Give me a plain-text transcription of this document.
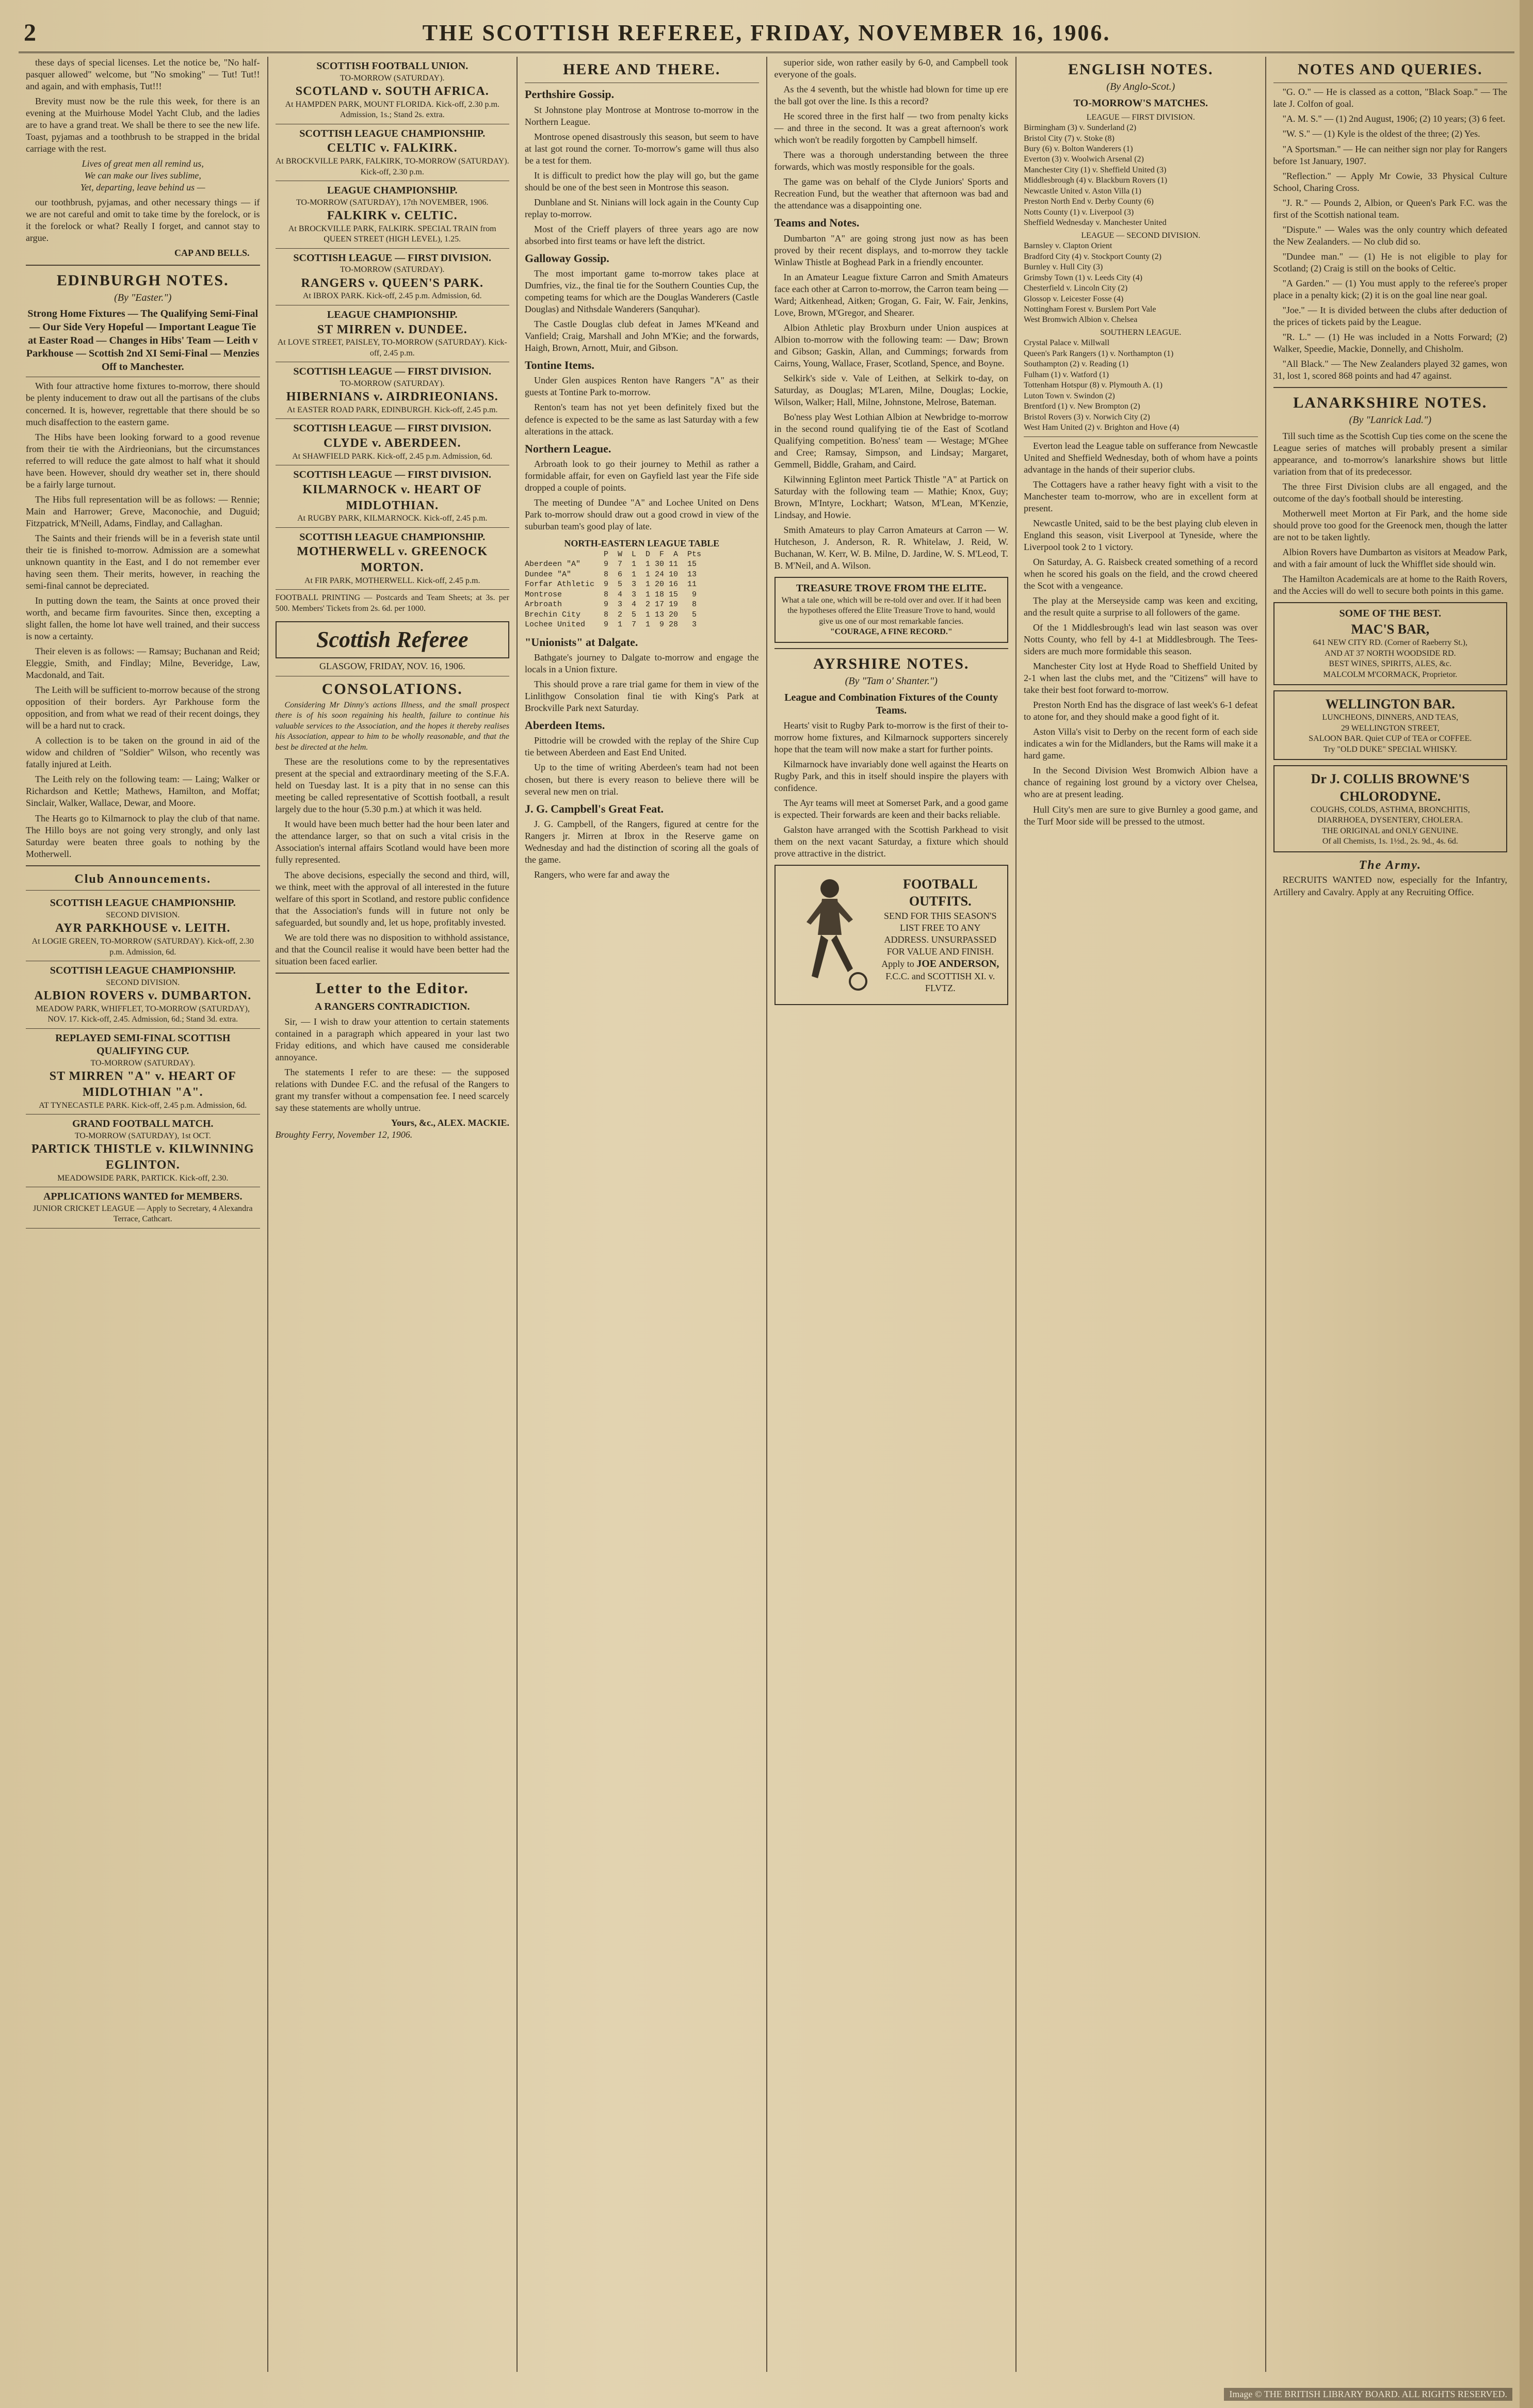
2	THE SCOTTISH REFEREE, FRIDAY, NOVEMBER 16, 1906.

these days of special licenses. Let the notice be, "No half-pasquer allowed" welcome, but "No smoking" — Tut! Tut!! and again, and with emphasis, Tut!!!

Brevity must now be the rule this week, for there is an evening at the Muirhouse Model Yacht Club, and the ladies are to have a grand treat. We shall be there to see the new life. Toast, pyjamas and a toothbrush to be strapped in the bridal carriage with the rest.

Lives of great men all remind us,
We can make our lives sublime,
Yet, departing, leave behind us —

our toothbrush, pyjamas, and other necessary things — if we are not careful and omit to take time by the forelock, or is it the forelock or what? Really I forget, and cannot stay to argue.

CAP AND BELLS.
EDINBURGH NOTES.
(By "Easter.")
Strong Home Fixtures — The Qualifying Semi-Final — Our Side Very Hopeful — Important League Tie at Easter Road — Changes in Hibs' Team — Leith v Parkhouse — Scottish 2nd XI Semi-Final — Menzies Off to Manchester.

With four attractive home fixtures to-morrow, there should be plenty inducement to draw out all the partisans of the clubs concerned. It is, however, regrettable that there should be so much disaffection to the eastern game.

The Hibs have been looking forward to a good revenue from their tie with the Airdrieonians, but the circumstances referred to will reduce the gate almost to half what it should have been. However, should dry weather set in, there should be a fairly large turnout.

The Hibs full representation will be as follows: — Rennie; Main and Harrower; Greve, Maconochie, and Duguid; Fitzpatrick, M'Neill, Adams, Findlay, and Callaghan.

The Saints and their friends will be in a feverish state until their tie is finished to-morrow. Admission are a somewhat unknown quantity in the East, and I do not remember ever having seen them. Their merits, however, in reaching the semi-final cannot be depreciated.

In putting down the team, the Saints at once proved their worth, and became firm favourites. Since then, excepting a slight fallen, the home lot have well trained, and their success is now a certainty.

Their eleven is as follows: — Ramsay; Buchanan and Reid; Eleggie, Smith, and Findlay; Milne, Beveridge, Law, Macdonald, and Tait.

The Leith will be sufficient to-morrow because of the strong opposition of their borders. Ayr Parkhouse form the opposition, and from what we read of their recent doings, they will be a hard nut to crack.

A collection is to be taken on the ground in aid of the widow and children of "Soldier" Wilson, who recently was fatally injured at Leith.

The Leith rely on the following team: — Laing; Walker or Richardson and Kettle; Mathews, Hamilton, and Moffat; Sinclair, Walker, Wallace, Dewar, and Moore.

The Hearts go to Kilmarnock to play the club of that name. The Hillo boys are not going very strongly, and only last Saturday were beaten three goals to nothing by the Motherwell.

Club Announcements.
SCOTTISH LEAGUE CHAMPIONSHIP.
SECOND DIVISION.
AYR PARKHOUSE v. LEITH.
At LOGIE GREEN, TO-MORROW (SATURDAY). Kick-off, 2.30 p.m. Admission, 6d.
SCOTTISH LEAGUE CHAMPIONSHIP.
SECOND DIVISION.
ALBION ROVERS v. DUMBARTON.
MEADOW PARK, WHIFFLET, TO-MORROW (SATURDAY), NOV. 17. Kick-off, 2.45. Admission, 6d.; Stand 3d. extra.
REPLAYED SEMI-FINAL SCOTTISH QUALIFYING CUP.
TO-MORROW (SATURDAY).
ST MIRREN "A" v. HEART OF MIDLOTHIAN "A".
AT TYNECASTLE PARK. Kick-off, 2.45 p.m. Admission, 6d.
GRAND FOOTBALL MATCH.
TO-MORROW (SATURDAY), 1st OCT.
PARTICK THISTLE v. KILWINNING EGLINTON.
MEADOWSIDE PARK, PARTICK. Kick-off, 2.30.
APPLICATIONS WANTED for MEMBERS.
JUNIOR CRICKET LEAGUE — Apply to Secretary, 4 Alexandra Terrace, Cathcart.
SCOTTISH FOOTBALL UNION.
TO-MORROW (SATURDAY).
SCOTLAND v. SOUTH AFRICA.
At HAMPDEN PARK, MOUNT FLORIDA. Kick-off, 2.30 p.m. Admission, 1s.; Stand 2s. extra.
SCOTTISH LEAGUE CHAMPIONSHIP.
CELTIC v. FALKIRK.
At BROCKVILLE PARK, FALKIRK, TO-MORROW (SATURDAY). Kick-off, 2.30 p.m.
LEAGUE CHAMPIONSHIP.
TO-MORROW (SATURDAY), 17th NOVEMBER, 1906.
FALKIRK v. CELTIC.
At BROCKVILLE PARK, FALKIRK. SPECIAL TRAIN from QUEEN STREET (HIGH LEVEL), 1.25.
SCOTTISH LEAGUE — FIRST DIVISION.
TO-MORROW (SATURDAY).
RANGERS v. QUEEN'S PARK.
At IBROX PARK. Kick-off, 2.45 p.m. Admission, 6d.
LEAGUE CHAMPIONSHIP.
ST MIRREN v. DUNDEE.
At LOVE STREET, PAISLEY, TO-MORROW (SATURDAY). Kick-off, 2.45 p.m.
SCOTTISH LEAGUE — FIRST DIVISION.
TO-MORROW (SATURDAY).
HIBERNIANS v. AIRDRIEONIANS.
At EASTER ROAD PARK, EDINBURGH. Kick-off, 2.45 p.m.
SCOTTISH LEAGUE — FIRST DIVISION.
CLYDE v. ABERDEEN.
At SHAWFIELD PARK. Kick-off, 2.45 p.m. Admission, 6d.
SCOTTISH LEAGUE — FIRST DIVISION.
KILMARNOCK v. HEART OF MIDLOTHIAN.
At RUGBY PARK, KILMARNOCK. Kick-off, 2.45 p.m.
SCOTTISH LEAGUE CHAMPIONSHIP.
MOTHERWELL v. GREENOCK MORTON.
At FIR PARK, MOTHERWELL. Kick-off, 2.45 p.m.

FOOTBALL PRINTING — Postcards and Team Sheets; at 3s. per 500. Members' Tickets from 2s. 6d. per 1000.

Scottish Referee
GLASGOW, FRIDAY, NOV. 16, 1906.
CONSOLATIONS.

Considering Mr Dinny's actions Illness, and the small prospect there is of his soon regaining his health, failure to continue his valuable services to the Association, and the hopes it thereby realises his Association, appear to him to be wholly reasonable, and that the best be directed at the helm.

These are the resolutions come to by the representatives present at the special and extraordinary meeting of the S.F.A. held on Tuesday last. It is a pity that in no sense can this meeting be called representative of Scottish football, a result largely due to the hour (5.30 p.m.) at which it was held.

It would have been much better had the hour been later and the attendance larger, so that on such a vital crisis in the Association's internal affairs Scotland would have been more fully represented.

The above decisions, especially the second and third, will, we think, meet with the approval of all interested in the future welfare of this sport in Scotland, and restore public confidence that the Association's funds will in future not only be safeguarded, but soundly and, let us hope, profitably invested.

We are told there was no disposition to withhold assistance, and that the Council realise it would have been better had the situation been faced earlier.

Letter to the Editor.
A RANGERS CONTRADICTION.

Sir, — I wish to draw your attention to certain statements contained in a paragraph which appeared in your last two Friday editions, and which have caused me considerable annoyance.

The statements I refer to are these: — the supposed relations with Dundee F.C. and the refusal of the Rangers to grant my transfer without a compensation fee. I need scarcely say these statements are wholly untrue.

Yours, &c., ALEX. MACKIE.
Broughty Ferry, November 12, 1906.
HERE AND THERE.
Perthshire Gossip.

St Johnstone play Montrose at Montrose to-morrow in the Northern League.

Montrose opened disastrously this season, but seem to have at last got round the corner. To-morrow's game will thus also be a test for them.

It is difficult to predict how the play will go, but the game should be one of the best seen in Montrose this season.

Dunblane and St. Ninians will lock again in the County Cup replay to-morrow.

Most of the Crieff players of three years ago are now absorbed into first teams or have left the district.

Galloway Gossip.

The most important game to-morrow takes place at Dumfries, viz., the final tie for the Southern Counties Cup, the competing teams for which are the Douglas Wanderers (Castle Douglas) and Nithsdale Wanderers (Sanquhar).

The Castle Douglas club defeat in James M'Keand and Vanfield; Craig, Marshall and John M'Kie; and the forwards, Haigh, Brown, Arnott, Muir, and Gibson.

Tontine Items.

Under Glen auspices Renton have Rangers "A" as their guests at Tontine Park to-morrow.

Renton's team has not yet been definitely fixed but the defence is expected to be the same as last Saturday with a few alterations in the attack.

Northern League.

Arbroath look to go their journey to Methil as rather a formidable affair, for even on Gayfield last year the Fife side dropped a couple of points.

The meeting of Dundee "A" and Lochee United on Dens Park to-morrow should draw out a good crowd in view of the suburban team's good play of late.

NORTH-EASTERN LEAGUE TABLE
P  W  L  D  F  A  Pts
Aberdeen "A"     9  7  1  1 30 11  15
Dundee "A"       8  6  1  1 24 10  13
Forfar Athletic  9  5  3  1 20 16  11
Montrose         8  4  3  1 18 15   9
Arbroath         9  3  4  2 17 19   8
Brechin City     8  2  5  1 13 20   5
Lochee United    9  1  7  1  9 28   3
"Unionists" at Dalgate.

Bathgate's journey to Dalgate to-morrow and engage the locals in a Union fixture.

This should prove a rare trial game for them in view of the Linlithgow Consolation final tie with King's Park at Brockville Park next Saturday.

Aberdeen Items.

Pittodrie will be crowded with the replay of the Shire Cup tie between Aberdeen and East End United.

Up to the time of writing Aberdeen's team had not been chosen, but there is every reason to believe there will be several new men on trial.

J. G. Campbell's Great Feat.

J. G. Campbell, of the Rangers, figured at centre for the Rangers jr. Mirren at Ibrox in the Reserve game on Wednesday and had the distinction of scoring all the goals of the game.

Rangers, who were far and away the

superior side, won rather easily by 6-0, and Campbell took everyone of the goals.

As the 4 seventh, but the whistle had blown for time up ere the ball got over the line. Is this a record?

He scored three in the first half — two from penalty kicks — and three in the second. It was a great afternoon's work which won't be readily forgotten by Campbell himself.

There was a thorough understanding between the three forwards, which was mostly responsible for the goals.

The game was on behalf of the Clyde Juniors' Sports and Recreation Fund, but the weather that afternoon was bad and the attendance was a disappointing one.

Teams and Notes.

Dumbarton "A" are going strong just now as has been proved by their recent displays, and to-morrow they tackle Winlaw Thistle at Boghead Park in a friendly encounter.

In an Amateur League fixture Carron and Smith Amateurs face each other at Carron to-morrow, the Carron team being — Ward; Aitkenhead, Aitken; Grogan, G. Fair, W. Fair, Jenkins, Love, Brown, M'Gregor, and Shearer.

Albion Athletic play Broxburn under Union auspices at Albion to-morrow with the following team: — Daw; Brown and Gibson; Gaskin, Allan, and Cummings; forwards from Cairns, Young, Wallace, Fraser, Scotland, Spence, and Boyne.

Selkirk's side v. Vale of Leithen, at Selkirk to-day, on Saturday, as Douglas; M'Laren, Milne, Douglas; Lockie, Wilson, Walker; Hall, Milne, Johnstone, Melrose, Bateman.

Bo'ness play West Lothian Albion at Newbridge to-morrow in the second round qualifying tie of the East of Scotland Qualifying competition. Bo'ness' team — Westage; M'Ghee and Cree; Ramsay, Simpson, and Lindsay; Margaret, Gemmell, Biddle, Graham, and Caird.

Kilwinning Eglinton meet Partick Thistle "A" at Partick on Saturday with the following team — Mathie; Knox, Guy; Brown, M'Intyre, Lockhart; Watson, M'Lean, M'Kenzie, Lindsay, and Howie.

Smith Amateurs to play Carron Amateurs at Carron — W. Hutcheson, J. Anderson, R. R. Whitelaw, J. Reid, W. Buchanan, W. Kerr, W. B. Milne, D. Jardine, W. S. M'Leod, T. B. M'Neil, and A. Wilson.

TREASURE TROVE FROM THE ELITE.
What a tale one, which will be re-told over and over. If it had been the hypotheses offered the Elite Treasure Trove to hand, would give us one of our most remarkable fancies.
"COURAGE, A FINE RECORD."
AYRSHIRE NOTES.
(By "Tam o' Shanter.")
League and Combination Fixtures of the County Teams.

Hearts' visit to Rugby Park to-morrow is the first of their to-morrow home fixtures, and Kilmarnock supporters sincerely hope that the team will now make a start for further points.

Kilmarnock have invariably done well against the Hearts on Rugby Park, and this in itself should inspire the players with confidence.

The Ayr teams will meet at Somerset Park, and a good game is expected. Their forwards are keen and their backs reliable.

Galston have arranged with the Scottish Parkhead to visit them on the next vacant Saturday, a fixture which should prove attractive in the district.

FOOTBALL OUTFITS.
SEND FOR THIS SEASON'S LIST FREE TO ANY ADDRESS. UNSURPASSED FOR VALUE AND FINISH. Apply to JOE ANDERSON, F.C.C. and SCOTTISH XI. v. FLVTZ.
ENGLISH NOTES.
(By Anglo-Scot.)
TO-MORROW'S MATCHES.
LEAGUE — FIRST DIVISION.
Birmingham (3) v. Sunderland (2)
Bristol City (7) v. Stoke (8)
Bury (6) v. Bolton Wanderers (1)
Everton (3) v. Woolwich Arsenal (2)
Manchester City (1) v. Sheffield United (3)
Middlesbrough (4) v. Blackburn Rovers (1)
Newcastle United v. Aston Villa (1)
Preston North End v. Derby County (6)
Notts County (1) v. Liverpool (3)
Sheffield Wednesday v. Manchester United
LEAGUE — SECOND DIVISION.
Barnsley v. Clapton Orient
Bradford City (4) v. Stockport County (2)
Burnley v. Hull City (3)
Grimsby Town (1) v. Leeds City (4)
Chesterfield v. Lincoln City (2)
Glossop v. Leicester Fosse (4)
Nottingham Forest v. Burslem Port Vale
West Bromwich Albion v. Chelsea
SOUTHERN LEAGUE.
Crystal Palace v. Millwall
Queen's Park Rangers (1) v. Northampton (1)
Southampton (2) v. Reading (1)
Fulham (1) v. Watford (1)
Tottenham Hotspur (8) v. Plymouth A. (1)
Luton Town v. Swindon (2)
Brentford (1) v. New Brompton (2)
Bristol Rovers (3) v. Norwich City (2)
West Ham United (2) v. Brighton and Hove (4)

Everton lead the League table on sufferance from Newcastle United and Sheffield Wednesday, both of whom have a points advantage in the hands of their superior clubs.

The Cottagers have a rather heavy fight with a visit to the Manchester team to-morrow, who are in excellent form at present.

Newcastle United, said to be the best playing club eleven in England this season, visit Liverpool at Tyneside, where the Liverpool took 2 to 1 victory.

On Saturday, A. G. Raisbeck created something of a record when he scored his goals on the field, and the crowd cheered the Scot with a vengeance.

The play at the Merseyside camp was keen and exciting, and the result quite a surprise to all followers of the game.

Of the 1 Middlesbrough's lead win last season was over Notts County, who fell by 4-1 at Middlesbrough. The Tees-siders are much more formidable this season.

Manchester City lost at Hyde Road to Sheffield United by 2-1 when last the clubs met, and the "Citizens" will have to take their best foot forward to-morrow.

Preston North End has the disgrace of last week's 6-1 defeat to atone for, and they should make a good fight of it.

Aston Villa's visit to Derby on the recent form of each side indicates a win for the Midlanders, but the Rams will make it a hard game.

In the Second Division West Bromwich Albion have a chance of regaining lost ground by a victory over Chelsea, who are at present leading.

Hull City's men are sure to give Burnley a good game, and the Turf Moor side will be pressed to the utmost.

NOTES AND QUERIES.

"G. O." — He is classed as a cotton, "Black Soap." — The late J. Colfon of goal.

"A. M. S." — (1) 2nd August, 1906; (2) 10 years; (3) 6 feet.

"W. S." — (1) Kyle is the oldest of the three; (2) Yes.

"A Sportsman." — He can neither sign nor play for Rangers before 1st January, 1907.

"Reflection." — Apply Mr Cowie, 33 Physical Culture School, Charing Cross.

"J. R." — Pounds 2, Albion, or Queen's Park F.C. was the first of the Scottish national team.

"Dispute." — Wales was the only country which defeated the New Zealanders. — No club did so.

"Dundee man." — (1) He is not eligible to play for Scotland; (2) Craig is still on the books of Celtic.

"A Garden." — (1) You must apply to the referee's proper place in a penalty kick; (2) it is on the goal line near goal.

"Joe." — It is divided between the clubs after deduction of the prices of tickets paid by the League.

"R. L." — (1) He was included in a Notts Forward; (2) Walker, Speedie, Mackie, Donnelly, and Chisholm.

"All Black." — The New Zealanders played 32 games, won 31, lost 1, scored 868 points and had 47 against.

LANARKSHIRE NOTES.
(By "Lanrick Lad.")

Till such time as the Scottish Cup ties come on the scene the League series of matches will probably present a similar appearance, and to-morrow's lanarkshire shows but little variation from that of its predecessor.

The three First Division clubs are all engaged, and the outcome of the day's football should be interesting.

Motherwell meet Morton at Fir Park, and the home side should prove too good for the Greenock men, though the latter are not to be taken lightly.

Albion Rovers have Dumbarton as visitors at Meadow Park, and with a fair amount of luck the Whifflet side should win.

The Hamilton Academicals are at home to the Raith Rovers, and the Accies will do well to secure both points in this game.

SOME OF THE BEST.
MAC'S BAR,
641 NEW CITY RD. (Corner of Raeberry St.),
AND AT 37 NORTH WOODSIDE RD.
BEST WINES, SPIRITS, ALES, &c.
MALCOLM M'CORMACK, Proprietor.
WELLINGTON BAR.
LUNCHEONS, DINNERS, AND TEAS,
29 WELLINGTON STREET,
SALOON BAR. Quiet CUP of TEA or COFFEE.
Try "OLD DUKE" SPECIAL WHISKY.
Dr J. COLLIS BROWNE'S CHLORODYNE.
COUGHS, COLDS, ASTHMA, BRONCHITIS,
DIARRHOEA, DYSENTERY, CHOLERA.
THE ORIGINAL and ONLY GENUINE.
Of all Chemists, 1s. 1½d., 2s. 9d., 4s. 6d.
The Army.

RECRUITS WANTED now, especially for the Infantry, Artillery and Cavalry. Apply at any Recruiting Office.

Image © THE BRITISH LIBRARY BOARD. ALL RIGHTS RESERVED.
